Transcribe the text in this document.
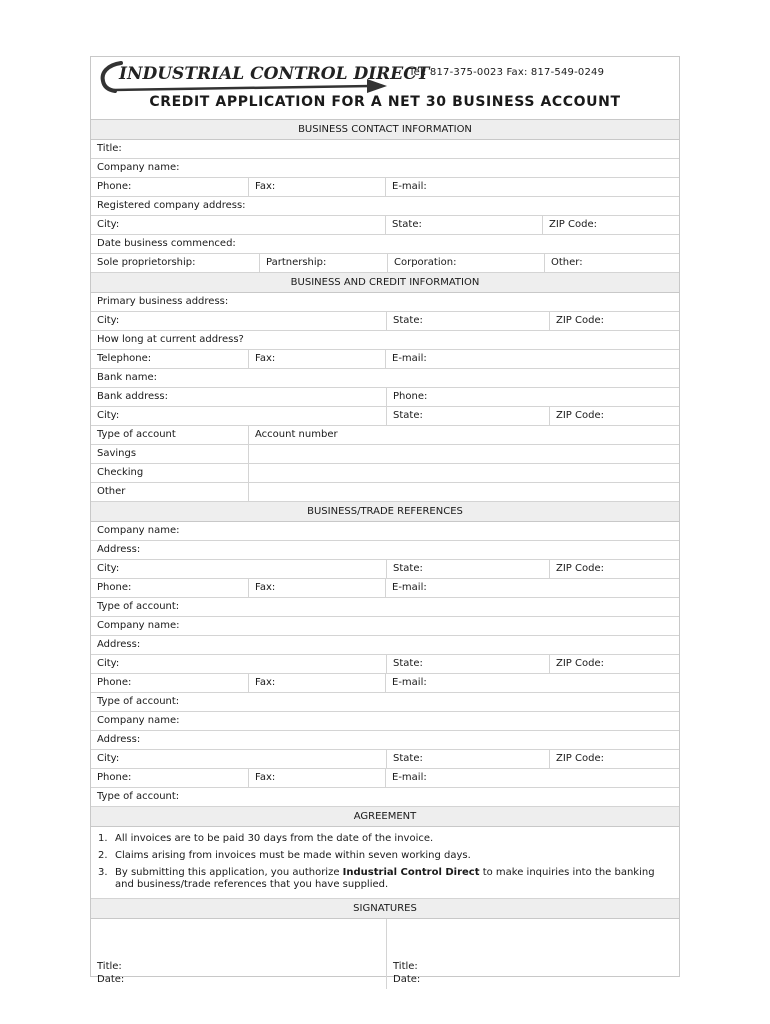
INDUSTRIAL CONTROL DIRECT
Tel: 817-375-0023 Fax: 817-549-0249
CREDIT APPLICATION FOR A NET 30 BUSINESS ACCOUNT
BUSINESS CONTACT INFORMATION
Title:
Company name:
Phone:	Fax:	E-mail:
Registered company address:
City:	State:	ZIP Code:
Date business commenced:
Sole proprietorship:	Partnership:	Corporation:	Other:
BUSINESS AND CREDIT INFORMATION
Primary business address:
City:	State:	ZIP Code:
How long at current address?
Telephone:	Fax:	E-mail:
Bank name:
Bank address:	Phone:
City:	State:	ZIP Code:
Type of account	Account number
Savings
Checking
Other
BUSINESS/TRADE REFERENCES
Company name:
Address:
City:	State:	ZIP Code:
Phone:	Fax:	E-mail:
Type of account:
Company name:
Address:
City:	State:	ZIP Code:
Phone:	Fax:	E-mail:
Type of account:
Company name:
Address:
City:	State:	ZIP Code:
Phone:	Fax:	E-mail:
Type of account:
AGREEMENT
1. All invoices are to be paid 30 days from the date of the invoice.
2. Claims arising from invoices must be made within seven working days.
3. By submitting this application, you authorize Industrial Control Direct to make inquiries into the banking and business/trade references that you have supplied.
SIGNATURES
Title:
Date:
Title:
Date:
